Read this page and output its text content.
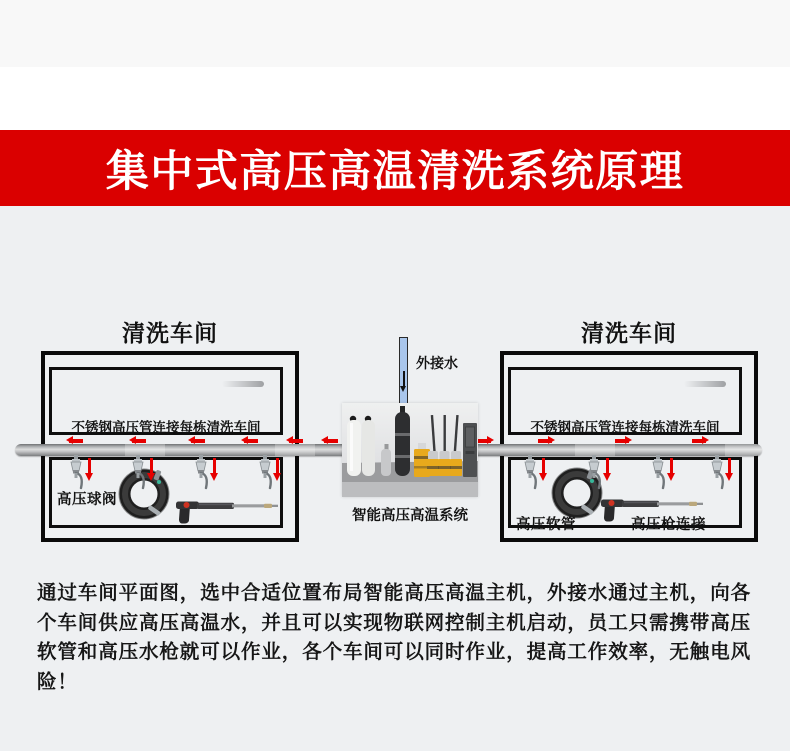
集中式高压高温清洗系统原理
清洗车间	清洗车间
不锈钢高压管连接每栋清洗车间	不锈钢高压管连接每栋清洗车间
高压球阀
高压软管	高压枪连接
外接水
智能高压高温系统
通过车间平面图，选中合适位置布局智能高压高温主机，外接水通过主机，向各
个车间供应高压高温水，并且可以实现物联网控制主机启动，员工只需携带高压
软管和高压水枪就可以作业，各个车间可以同时作业，提高工作效率，无触电风
险！
